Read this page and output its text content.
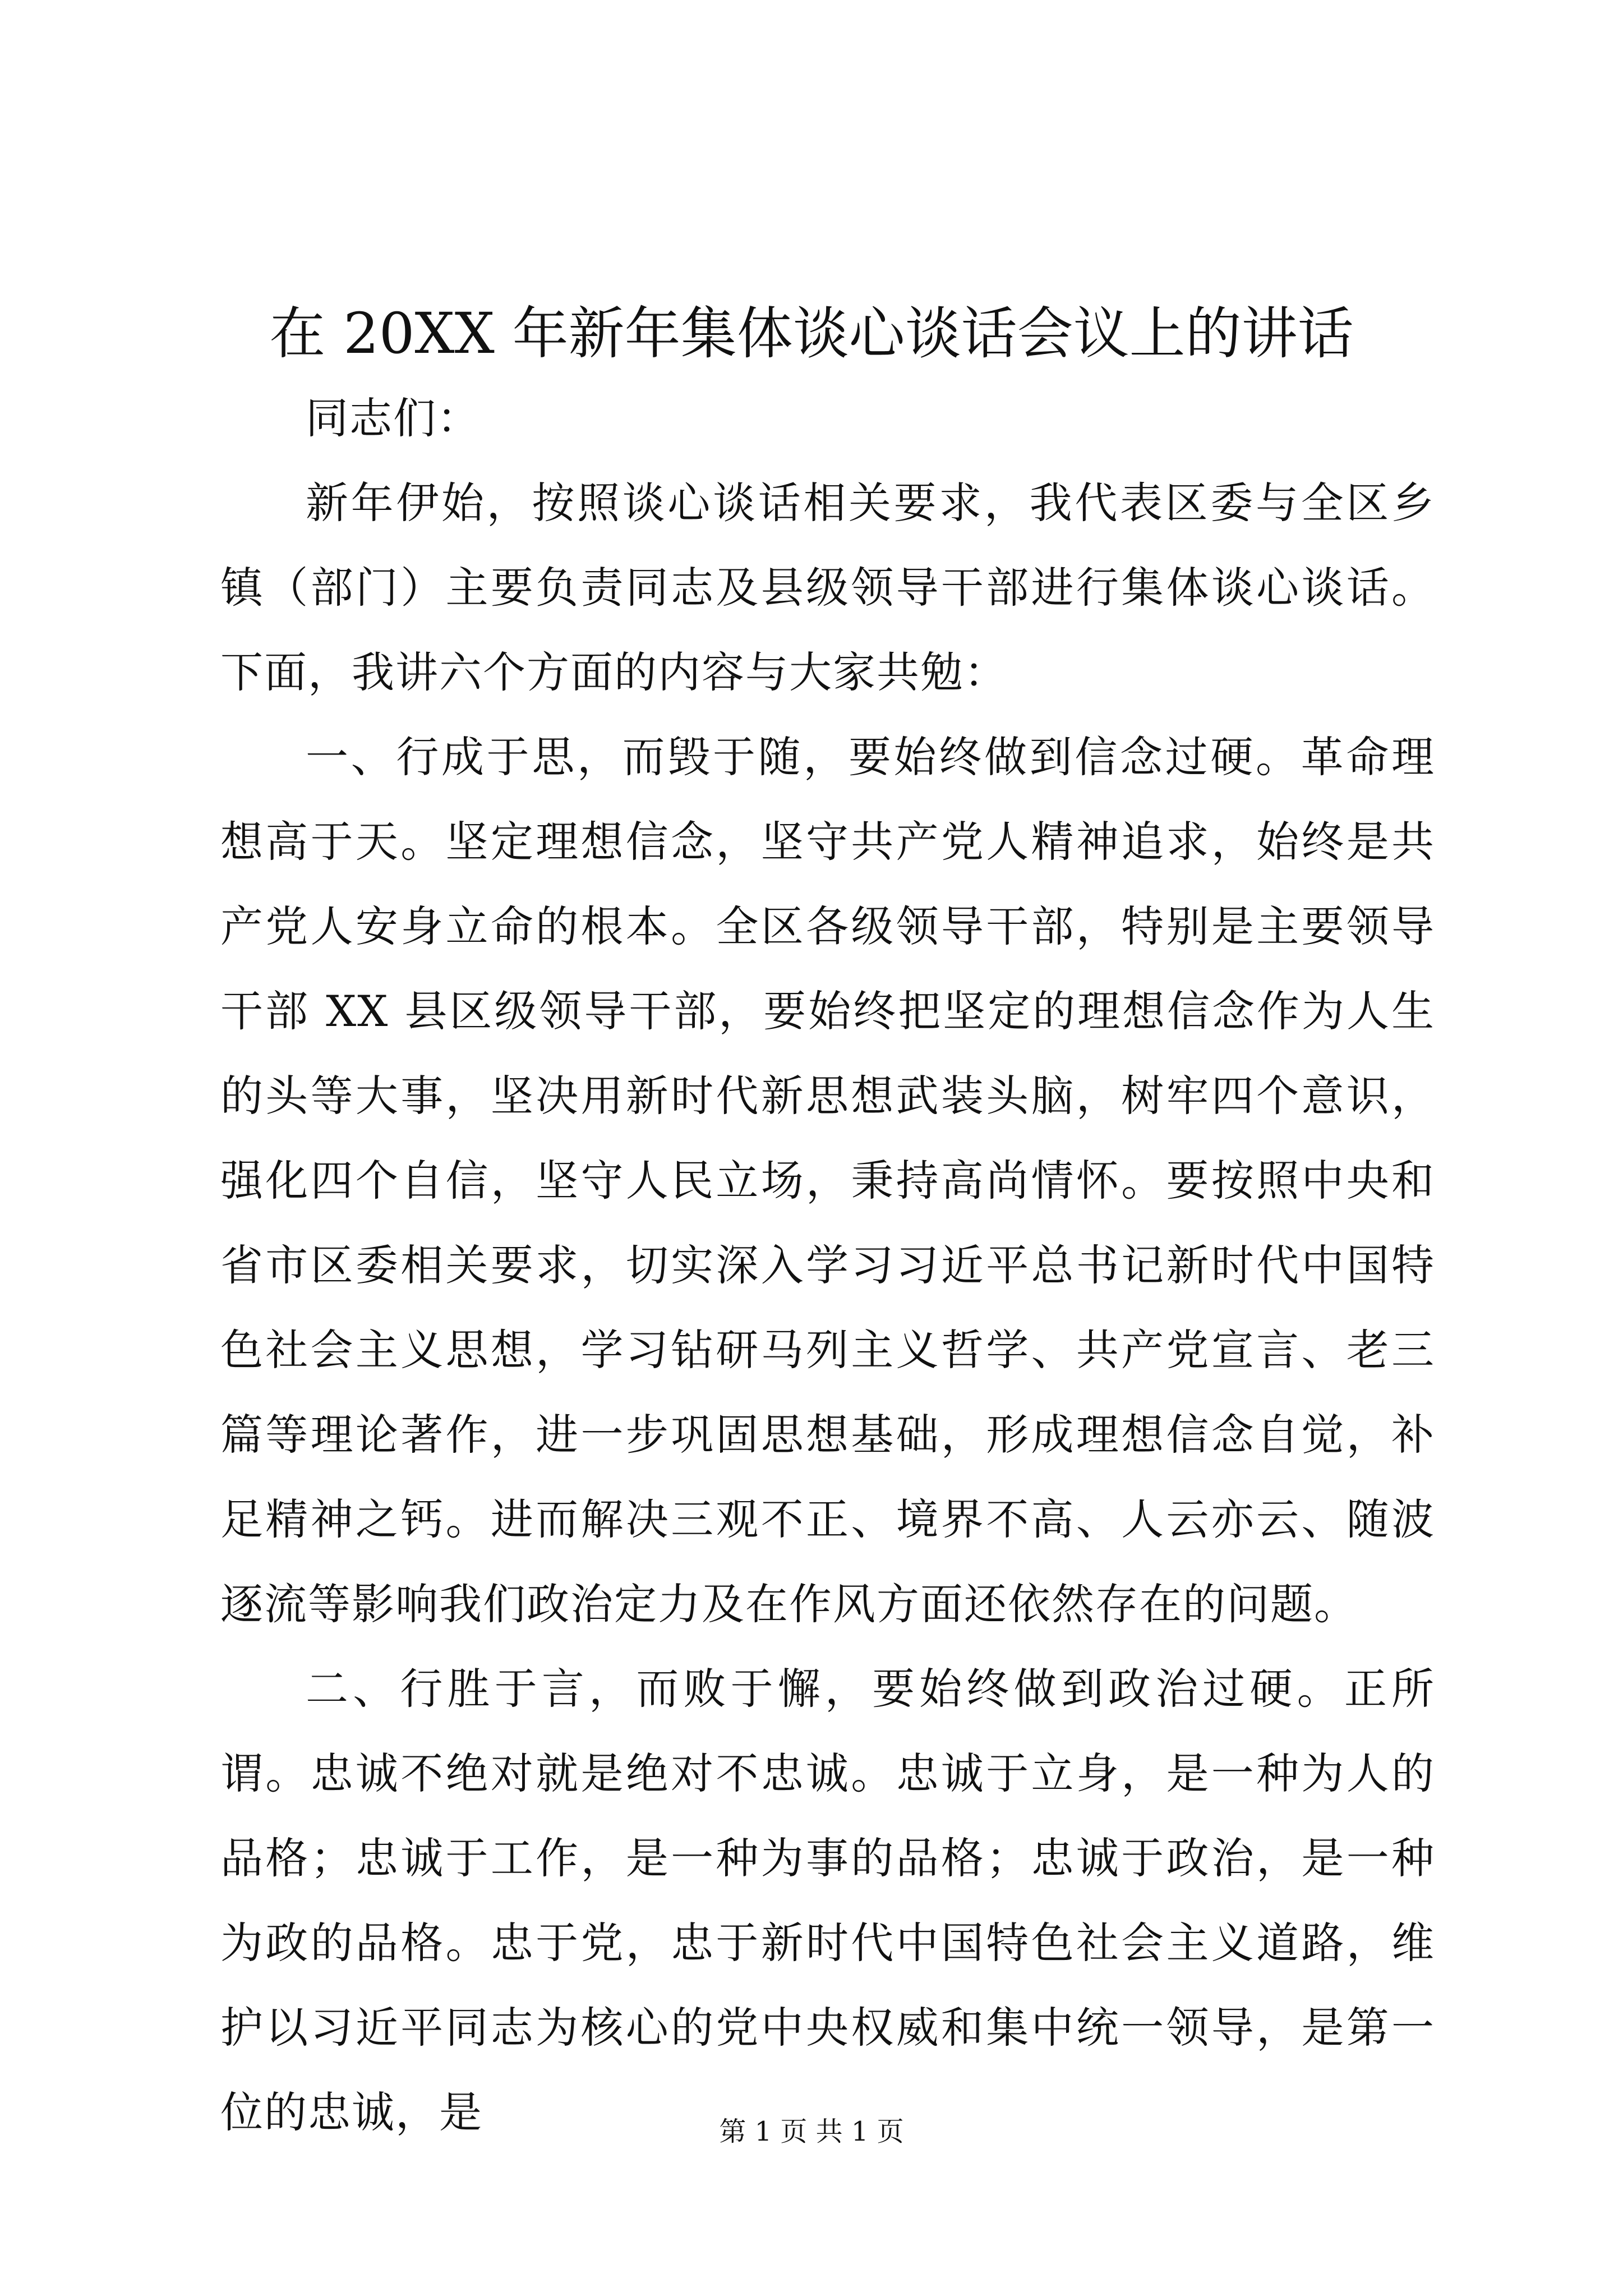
在 20XX 年新年集体谈心谈话会议上的讲话

同志们：

新年伊始，按照谈心谈话相关要求，我代表区委与全区乡镇（部门）主要负责同志及县级领导干部进行集体谈心谈话。下面，我讲六个方面的内容与大家共勉：

一、行成于思，而毁于随，要始终做到信念过硬。革命理想高于天。坚定理想信念，坚守共产党人精神追求，始终是共产党人安身立命的根本。全区各级领导干部，特别是主要领导干部 XX 县区级领导干部，要始终把坚定的理想信念作为人生的头等大事，坚决用新时代新思想武装头脑，树牢四个意识，强化四个自信，坚守人民立场，秉持高尚情怀。要按照中央和省市区委相关要求，切实深入学习习近平总书记新时代中国特色社会主义思想，学习钻研马列主义哲学、共产党宣言、老三篇等理论著作，进一步巩固思想基础，形成理想信念自觉，补足精神之钙。进而解决三观不正、境界不高、人云亦云、随波逐流等影响我们政治定力及在作风方面还依然存在的问题。

二、行胜于言，而败于懈，要始终做到政治过硬。正所谓。忠诚不绝对就是绝对不忠诚。忠诚于立身，是一种为人的品格；忠诚于工作，是一种为事的品格；忠诚于政治，是一种为政的品格。忠于党，忠于新时代中国特色社会主义道路，维护以习近平同志为核心的党中央权威和集中统一领导，是第一位的忠诚，是	第 1 页 共 1 页
